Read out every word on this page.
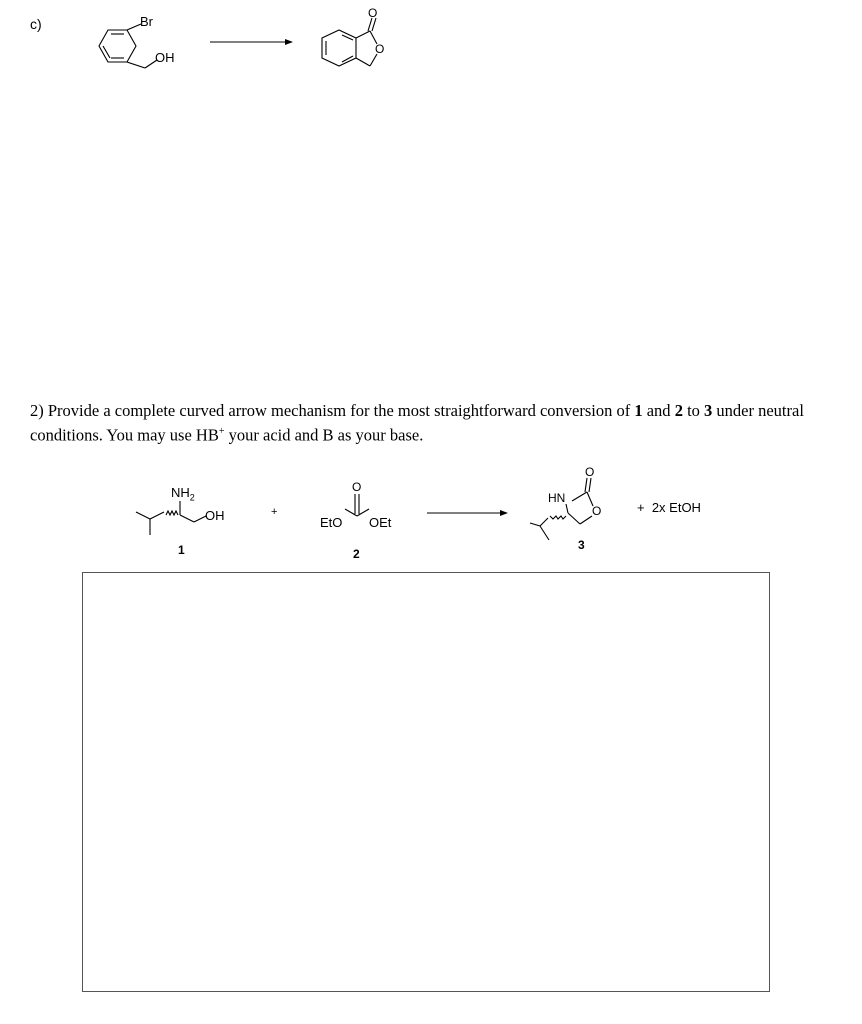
c)	Br
OH
O
O
2) Provide a complete curved arrow mechanism for the most straightforward conversion of 1 and 2 to 3 under neutral conditions. You may use HB+ your acid and B as your base.
$NH_2$
OH
1
+
O
EtO OEt
2
HN
O
O
3
+  2x EtOH
